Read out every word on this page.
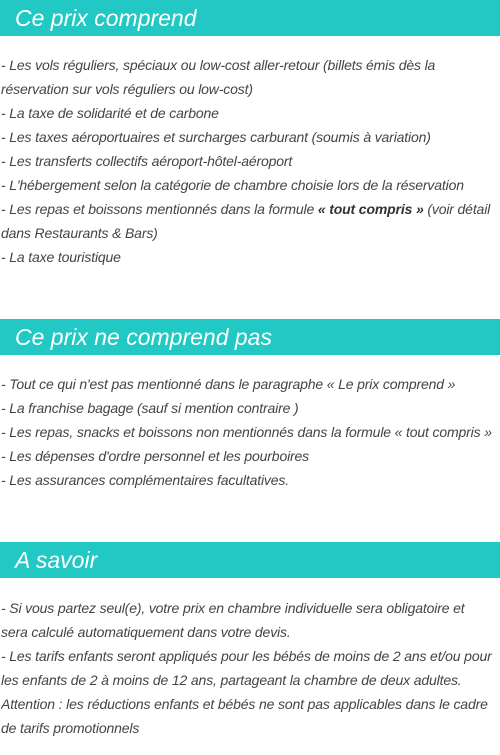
Ce prix comprend
- Les vols réguliers, spéciaux ou low-cost aller-retour (billets émis dès la
réservation sur vols réguliers ou low-cost)
- La taxe de solidarité et de carbone
- Les taxes aéroportuaires et surcharges carburant (soumis à variation)
- Les transferts collectifs aéroport-hôtel-aéroport
- L'hébergement selon la catégorie de chambre choisie lors de la réservation
- Les repas et boissons mentionnés dans la formule « tout compris » (voir détail
dans Restaurants & Bars)
- La taxe touristique
Ce prix ne comprend pas
- Tout ce qui n'est pas mentionné dans le paragraphe « Le prix comprend »
- La franchise bagage (sauf si mention contraire )
- Les repas, snacks et boissons non mentionnés dans la formule « tout compris »
- Les dépenses d'ordre personnel et les pourboires
- Les assurances complémentaires facultatives.
A savoir
- Si vous partez seul(e), votre prix en chambre individuelle sera obligatoire et
sera calculé automatiquement dans votre devis.
- Les tarifs enfants seront appliqués pour les bébés de moins de 2 ans et/ou pour
les enfants de 2 à moins de 12 ans, partageant la chambre de deux adultes.
Attention : les réductions enfants et bébés ne sont pas applicables dans le cadre
de tarifs promotionnels
